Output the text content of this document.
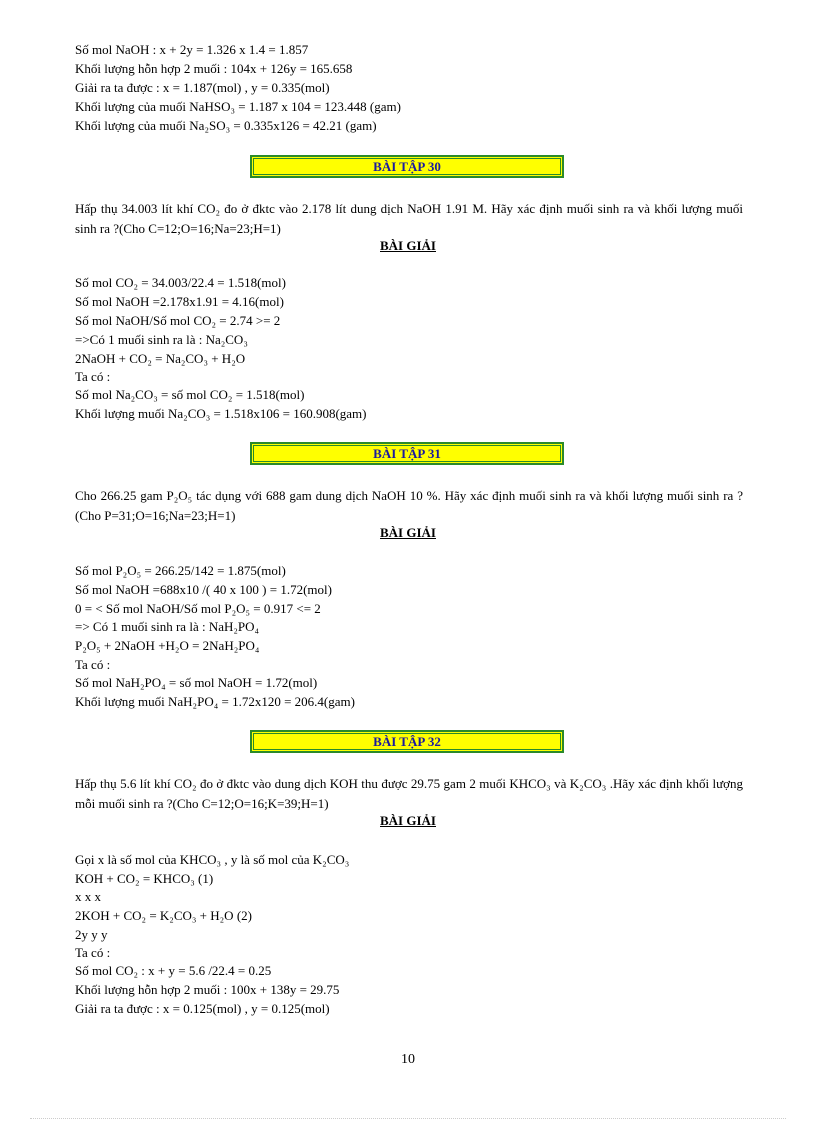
Số mol NaOH : x + 2y = 1.326 x 1.4 = 1.857
Khối lượng hỗn hợp 2 muối : 104x + 126y = 165.658
Giải ra ta được : x = 1.187(mol) , y = 0.335(mol)
Khối lượng của muối NaHSO₃ = 1.187 x 104 = 123.448 (gam)
Khối lượng của muối Na₂SO₃ = 0.335x126 = 42.21 (gam)
BÀI TẬP 30
Hấp thụ 34.003 lít khí CO₂ đo ở đktc vào 2.178 lít dung dịch NaOH 1.91 M. Hãy xác định muối sinh ra và khối lượng muối sinh ra ?(Cho C=12;O=16;Na=23;H=1)
BÀI GIẢI
Số mol CO₂ = 34.003/22.4 = 1.518(mol)
Số mol NaOH =2.178x1.91 = 4.16(mol)
Số mol NaOH/Số mol CO₂ = 2.74 >= 2
=>Có 1 muối sinh ra là : Na₂CO₃
2NaOH + CO₂ = Na₂CO₃ + H₂O
Ta có :
Số mol Na₂CO₃ = số mol CO₂ = 1.518(mol)
Khối lượng muối Na₂CO₃ = 1.518x106 = 160.908(gam)
BÀI TẬP 31
Cho 266.25 gam P₂O₅ tác dụng với 688 gam dung dịch NaOH 10 %. Hãy xác định muối sinh ra và khối lượng muối sinh ra ?(Cho P=31;O=16;Na=23;H=1)
BÀI GIẢI
Số mol P₂O₅ = 266.25/142 = 1.875(mol)
Số mol NaOH =688x10 /( 40 x 100 ) = 1.72(mol)
0 = < Số mol NaOH/Số mol P₂O₅ = 0.917 <= 2
=> Có 1 muối sinh ra là : NaH₂PO₄
P₂O₅ + 2NaOH +H₂O = 2NaH₂PO₄
Ta có :
Số mol NaH₂PO₄ = số mol NaOH = 1.72(mol)
Khối lượng muối NaH₂PO₄ = 1.72x120 = 206.4(gam)
BÀI TẬP 32
Hấp thụ 5.6 lít khí CO₂ đo ở đktc vào dung dịch KOH thu được 29.75 gam 2 muối KHCO₃ và K₂CO₃ .Hãy xác định khối lượng mỗi muối sinh ra ?(Cho C=12;O=16;K=39;H=1)
BÀI GIẢI
Gọi x là số mol của KHCO₃ , y là số mol của K₂CO₃
KOH + CO₂ = KHCO₃ (1)
x x x
2KOH + CO₂ = K₂CO₃ + H₂O (2)
2y y y
Ta có :
Số mol CO₂ : x + y = 5.6 /22.4 = 0.25
Khối lượng hỗn hợp 2 muối : 100x + 138y = 29.75
Giải ra ta được : x = 0.125(mol) , y = 0.125(mol)
10
